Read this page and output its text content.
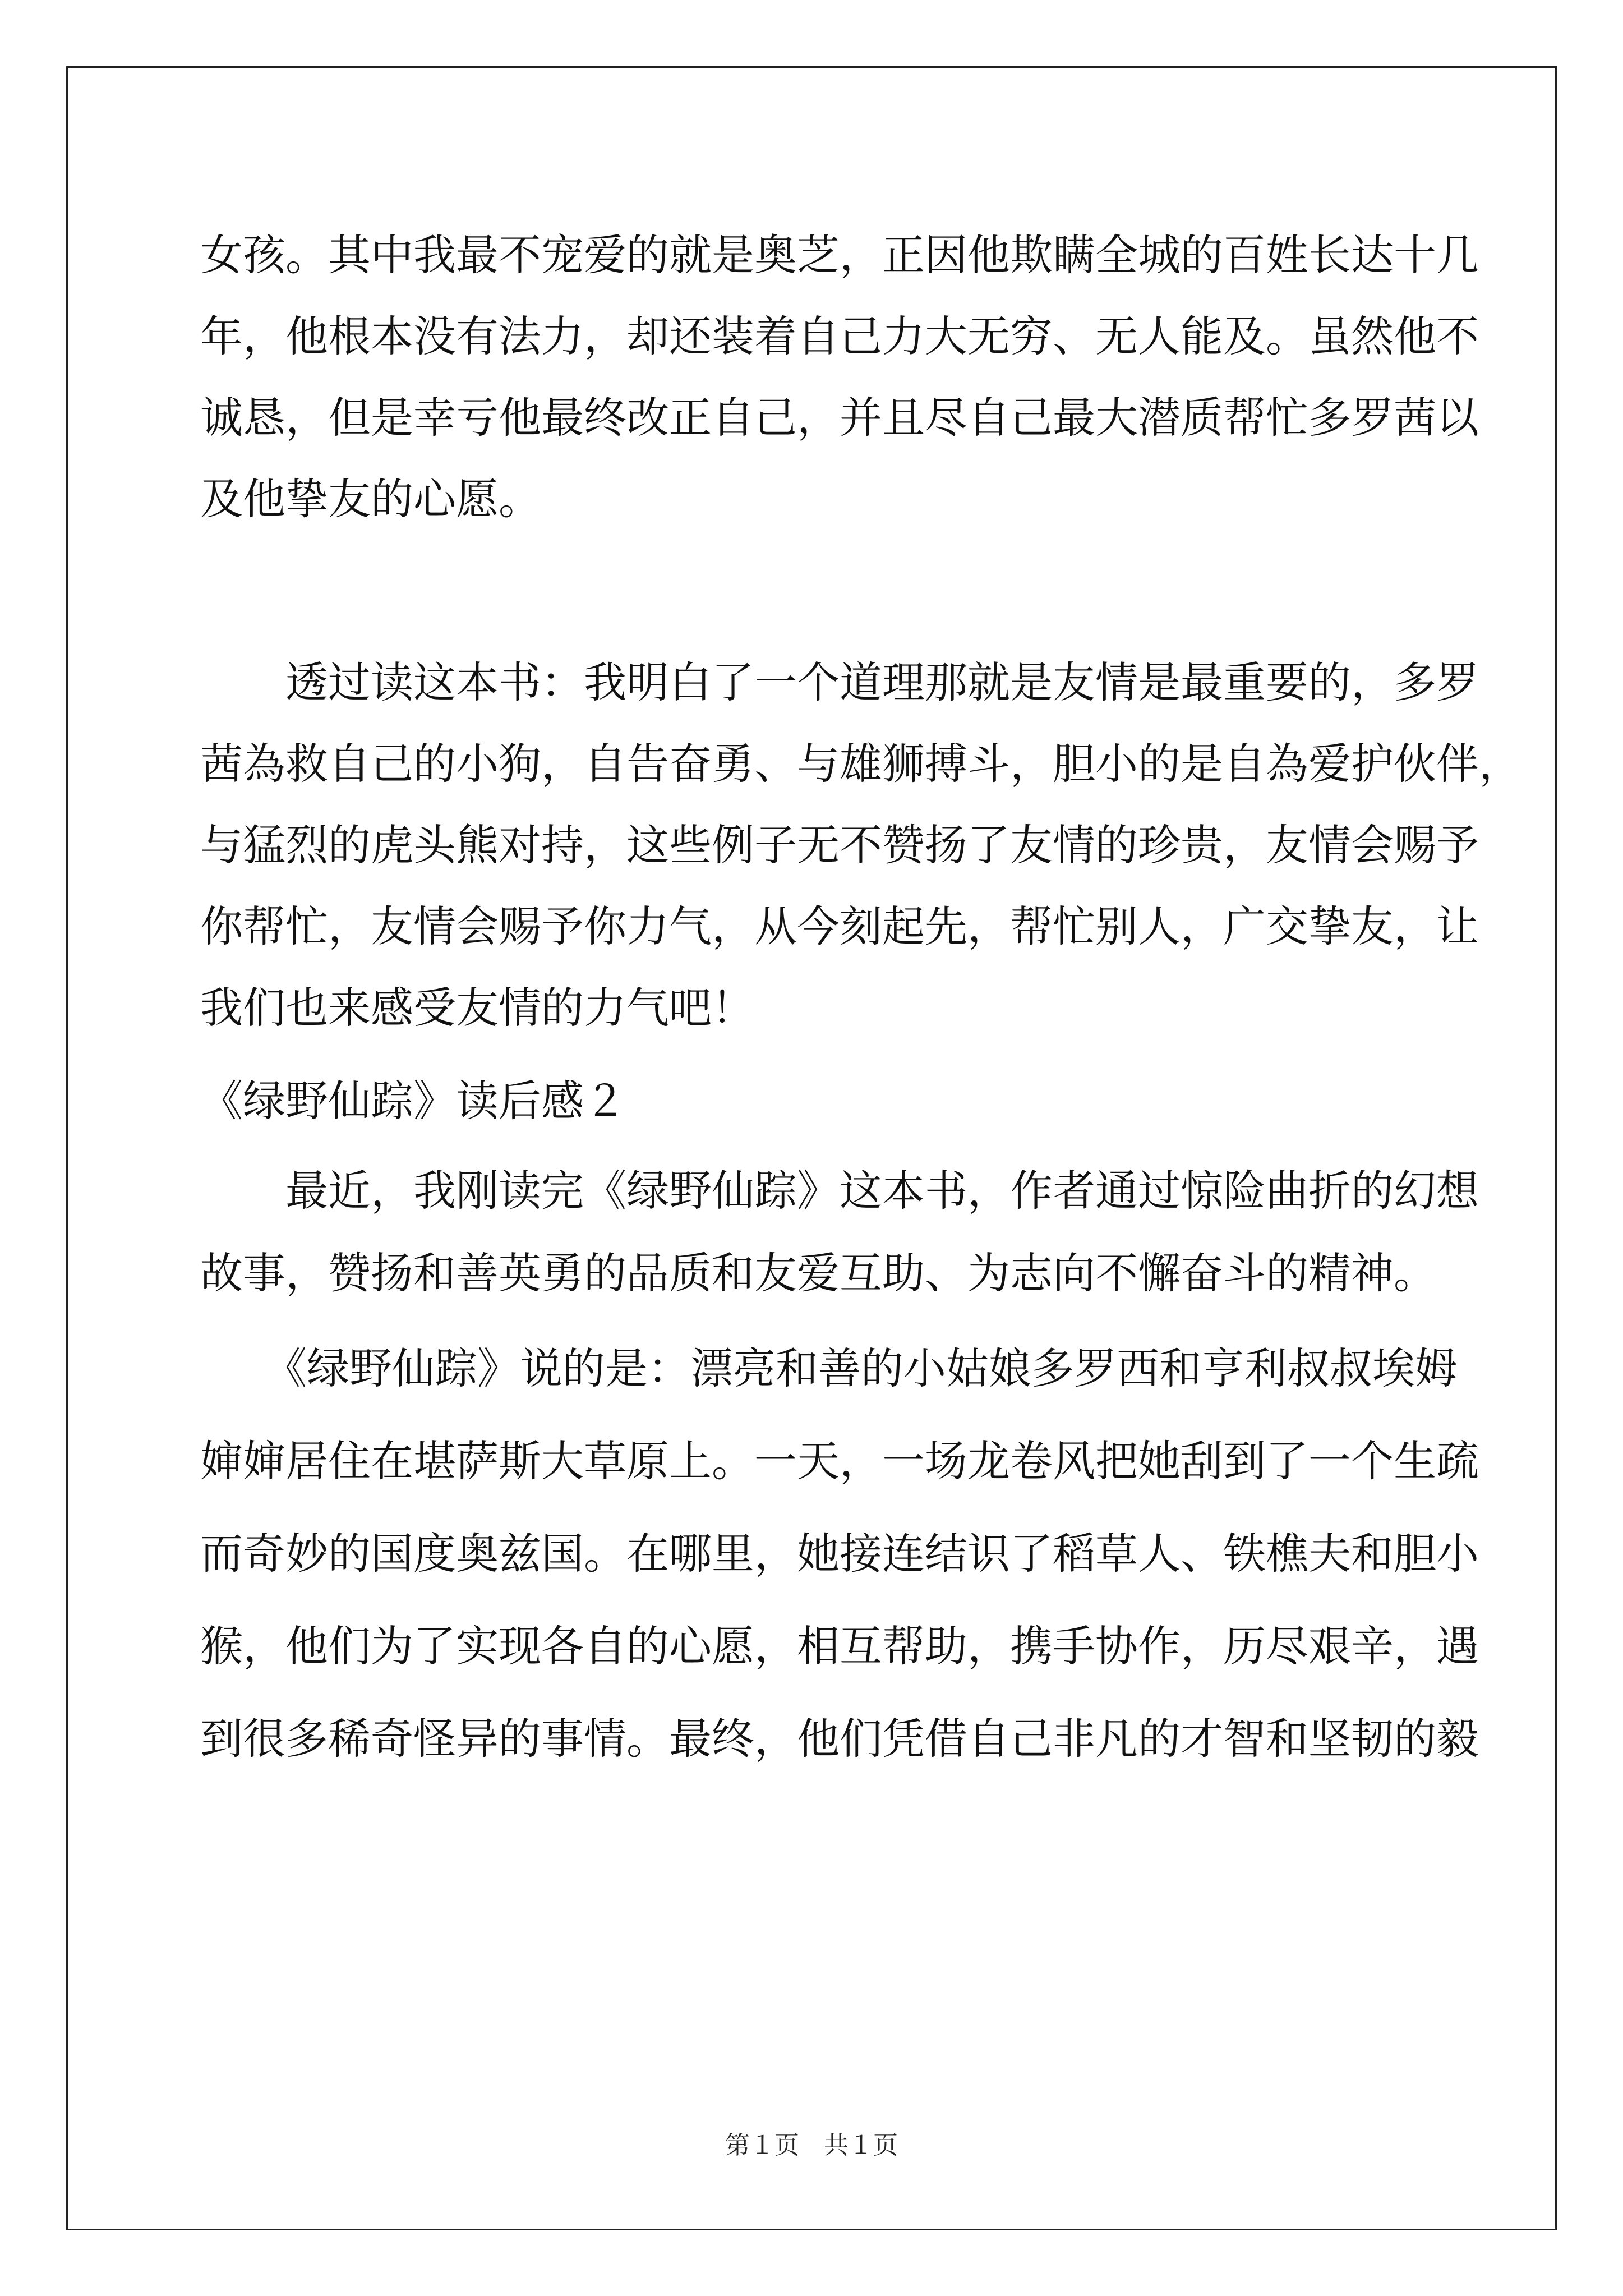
女孩。其中我最不宠爱的就是奥芝，正因他欺瞒全城的百姓长达十几
年，他根本没有法力，却还装着自己力大无穷、无人能及。虽然他不
诚恳，但是幸亏他最终改正自己，并且尽自己最大潜质帮忙多罗茜以
及他挚友的心愿。
　　透过读这本书：我明白了一个道理那就是友情是最重要的，多罗
茜為救自己的小狗，自告奋勇、与雄狮搏斗，胆小的是自為爱护伙伴，
与猛烈的虎头熊对持，这些例子无不赞扬了友情的珍贵，友情会赐予
你帮忙，友情会赐予你力气，从今刻起先，帮忙别人，广交挚友，让
我们也来感受友情的力气吧！
《绿野仙踪》读后感２
　　最近，我刚读完《绿野仙踪》这本书，作者通过惊险曲折的幻想
故事，赞扬和善英勇的品质和友爱互助、为志向不懈奋斗的精神。
　　《绿野仙踪》说的是：漂亮和善的小姑娘多罗西和亨利叔叔埃姆
婶婶居住在堪萨斯大草原上。一天，一场龙卷风把她刮到了一个生疏
而奇妙的国度奥兹国。在哪里，她接连结识了稻草人、铁樵夫和胆小
猴，他们为了实现各自的心愿，相互帮助，携手协作，历尽艰辛，遇
到很多稀奇怪异的事情。最终，他们凭借自己非凡的才智和坚韧的毅
第１页　共１页
